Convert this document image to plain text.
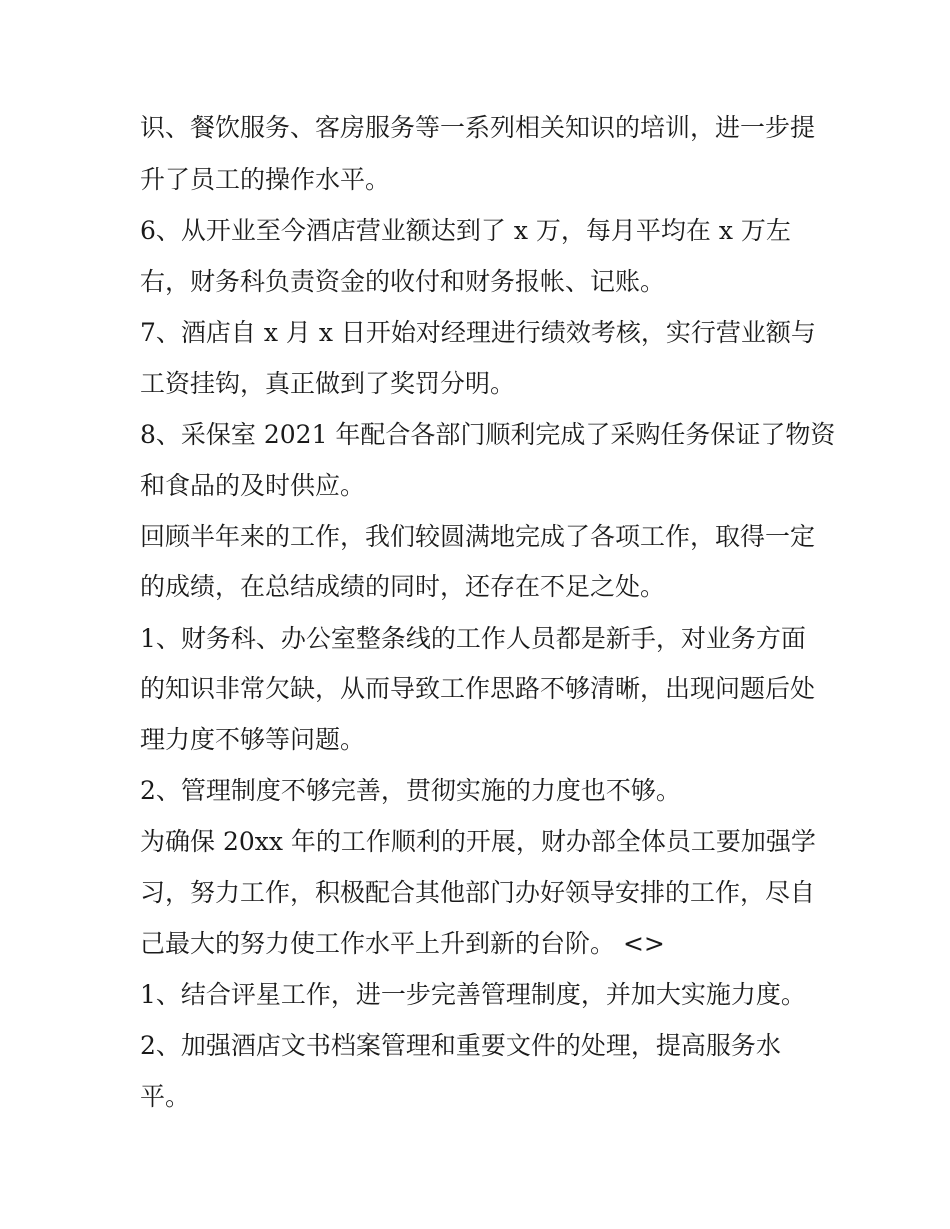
识、餐饮服务、客房服务等一系列相关知识的培训，进一步提
升了员工的操作水平。
6、从开业至今酒店营业额达到了 x 万，每月平均在 x 万左
右，财务科负责资金的收付和财务报帐、记账。
7、酒店自 x 月 x 日开始对经理进行绩效考核，实行营业额与
工资挂钩，真正做到了奖罚分明。
8、采保室 2021 年配合各部门顺利完成了采购任务保证了物资
和食品的及时供应。
回顾半年来的工作，我们较圆满地完成了各项工作，取得一定
的成绩，在总结成绩的同时，还存在不足之处。
1、财务科、办公室整条线的工作人员都是新手，对业务方面
的知识非常欠缺，从而导致工作思路不够清晰，出现问题后处
理力度不够等问题。
2、管理制度不够完善，贯彻实施的力度也不够。
为确保 20xx 年的工作顺利的开展，财办部全体员工要加强学
习，努力工作，积极配合其他部门办好领导安排的工作，尽自
己最大的努力使工作水平上升到新的台阶。 <>
1、结合评星工作，进一步完善管理制度，并加大实施力度。
2、加强酒店文书档案管理和重要文件的处理，提高服务水
平。
